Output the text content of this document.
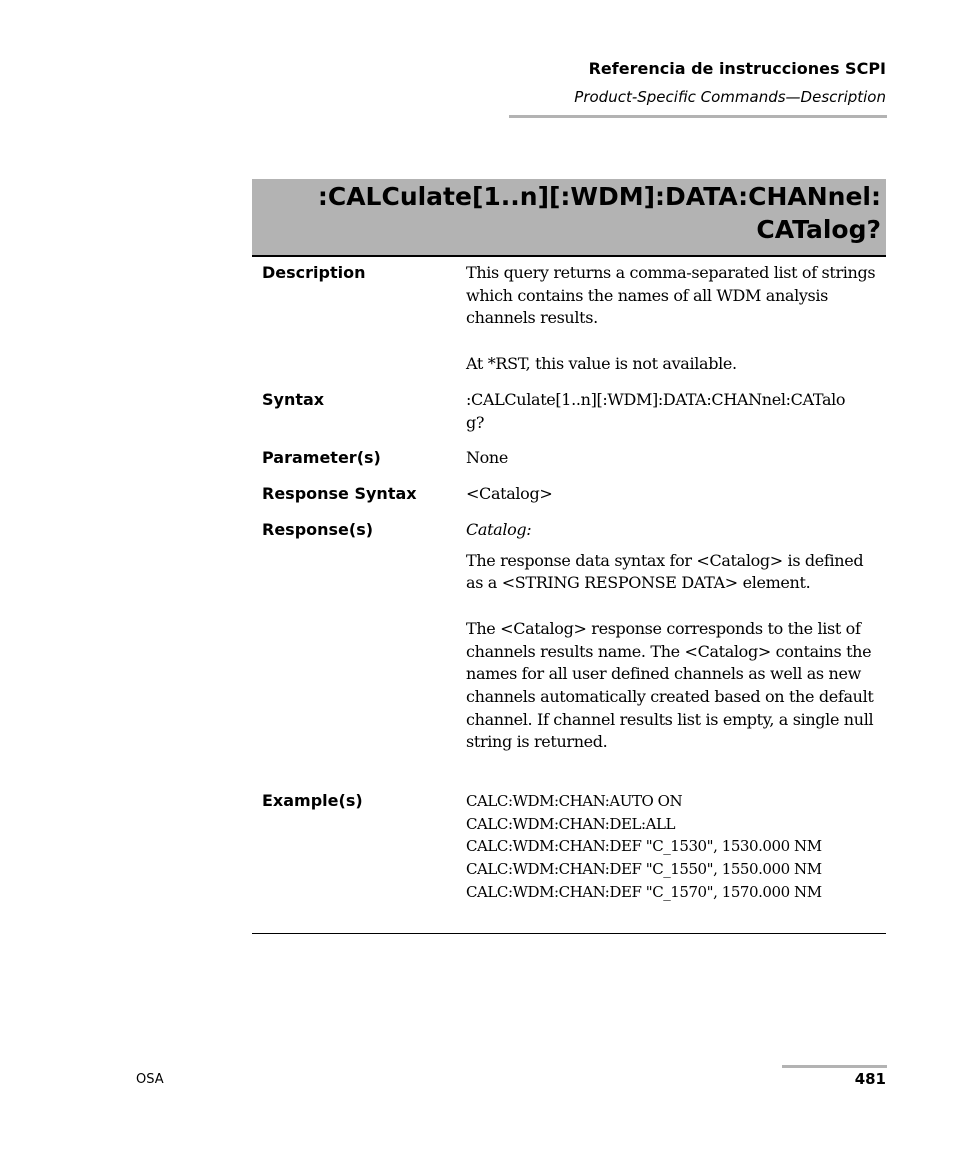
Referencia de instrucciones SCPI
Product-Specific Commands—Description
:CALCulate[1..n][:WDM]:DATA:CHANnel:
CATalog?
Description	This query returns a comma-separated list of strings which contains the names of all WDM analysis channels results.

At *RST, this value is not available.

Syntax	:CALCulate[1..n][:WDM]:DATA:CHANnel:CATalo

g?

Parameter(s)	None

Response Syntax	<Catalog>

Response(s)	Catalog:

The response data syntax for <Catalog> is defined as a <STRING RESPONSE DATA> element.

The <Catalog> response corresponds to the list of channels results name. The <Catalog> contains the names for all user defined channels as well as new channels automatically created based on the default channel. If channel results list is empty, a single null string is returned.

Example(s)	CALC:WDM:CHAN:AUTO ON

CALC:WDM:CHAN:DEL:ALL

CALC:WDM:CHAN:DEF "C_1530", 1530.000 NM

CALC:WDM:CHAN:DEF "C_1550", 1550.000 NM

CALC:WDM:CHAN:DEF "C_1570", 1570.000 NM

OSA	481
